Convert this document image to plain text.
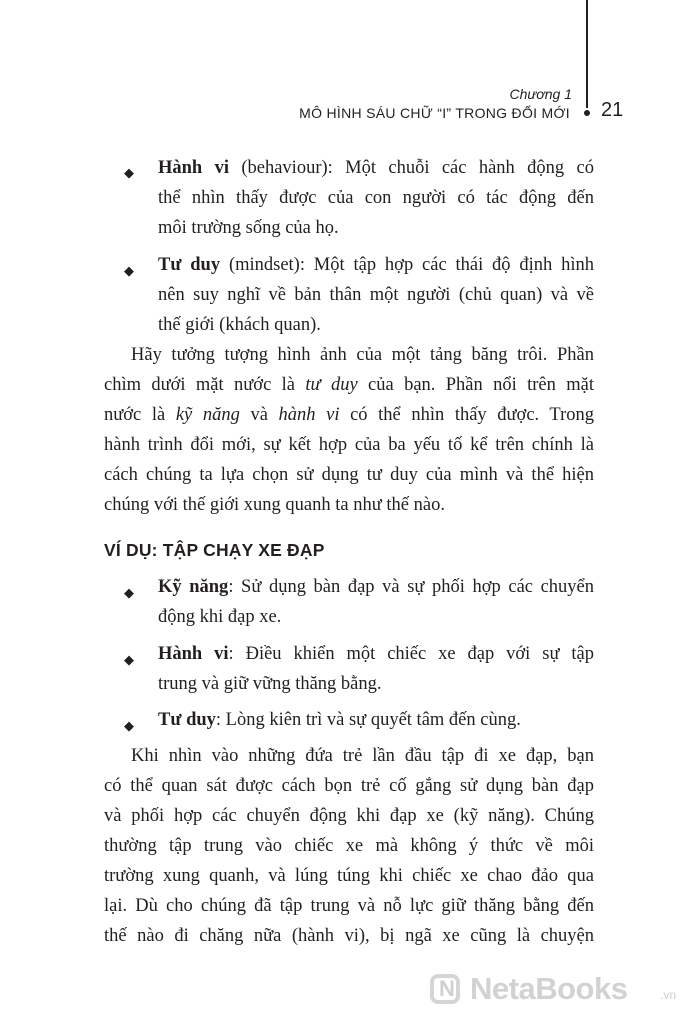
Chương 1
MÔ HÌNH SÁU CHỮ “I” TRONG ĐỔI MỚI 21
◆ Hành vi (behaviour): Một chuỗi các hành động có
thể nhìn thấy được của con người có tác động đến
môi trường sống của họ.
◆ Tư duy (mindset): Một tập hợp các thái độ định hình
nên suy nghĩ về bản thân một người (chủ quan) và về
thế giới (khách quan).
Hãy tưởng tượng hình ảnh của một tảng băng trôi. Phần
chìm dưới mặt nước là tư duy của bạn. Phần nổi trên mặt
nước là kỹ năng và hành vi có thể nhìn thấy được. Trong
hành trình đổi mới, sự kết hợp của ba yếu tố kể trên chính là
cách chúng ta lựa chọn sử dụng tư duy của mình và thể hiện
chúng với thế giới xung quanh ta như thế nào.
VÍ DỤ: TẬP CHẠY XE ĐẠP
◆ Kỹ năng: Sử dụng bàn đạp và sự phối hợp các chuyển
động khi đạp xe.
◆ Hành vi: Điều khiển một chiếc xe đạp với sự tập
trung và giữ vững thăng bằng.
◆ Tư duy: Lòng kiên trì và sự quyết tâm đến cùng.
Khi nhìn vào những đứa trẻ lần đầu tập đi xe đạp, bạn
có thể quan sát được cách bọn trẻ cố gắng sử dụng bàn đạp
và phối hợp các chuyển động khi đạp xe (kỹ năng). Chúng
thường tập trung vào chiếc xe mà không ý thức về môi
trường xung quanh, và lúng túng khi chiếc xe chao đảo qua
lại. Dù cho chúng đã tập trung và nỗ lực giữ thăng bằng đến
thế nào đi chăng nữa (hành vi), bị ngã xe cũng là chuyện
N NetaBooks	.vn
